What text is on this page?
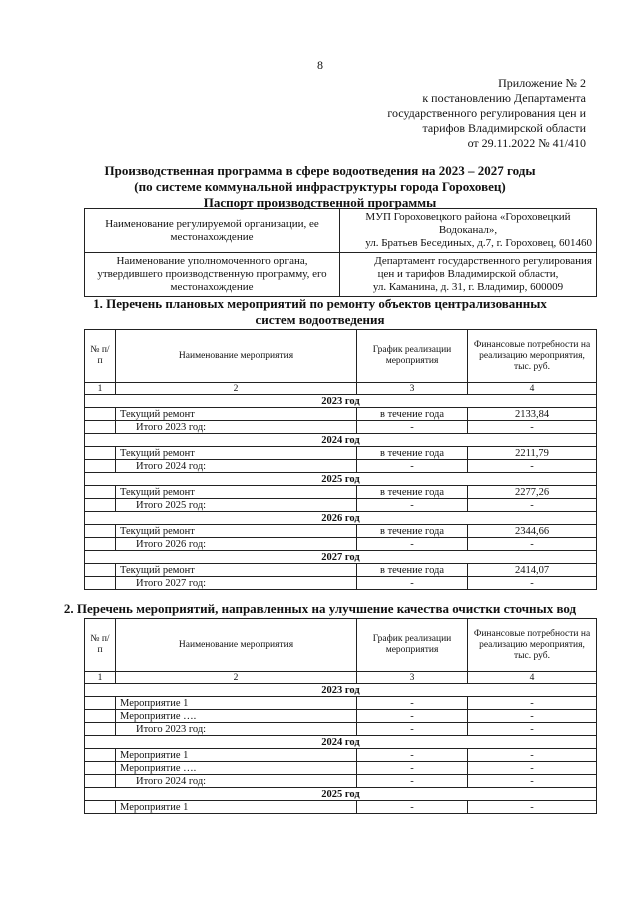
8
Приложение № 2
к постановлению Департамента
государственного регулирования цен и
тарифов Владимирской области
от 29.11.2022 № 41/410
Производственная программа в сфере водоотведения на 2023 – 2027 годы
(по системе коммунальной инфраструктуры города Гороховец)
Паспорт производственной программы
Наименование регулируемой организации, ее местонахождение	МУП Гороховецкого района «Гороховецкий
Водоканал»,
ул. Братьев Бесединых, д.7, г. Гороховец, 601460

Наименование уполномоченного органа, утвердившего производственную программу, его местонахождение	Департамент государственного регулирования
цен и тарифов Владимирской области,
ул. Каманина, д. 31, г. Владимир, 600009
1. Перечень плановых мероприятий по ремонту объектов централизованных
систем водоотведения
№ п/п	Наименование мероприятия	График реализации мероприятия	Финансовые потребности на реализацию мероприятия, тыс. руб.
1	2	3	4
2023 год			
	Текущий ремонт	в течение года	2133,84
	Итого 2023 год:	-	-
2024 год			
	Текущий ремонт	в течение года	2211,79
	Итого 2024 год:	-	-
2025 год			
	Текущий ремонт	в течение года	2277,26
	Итого 2025 год:	-	-
2026 год			
	Текущий ремонт	в течение года	2344,66
	Итого 2026 год:	-	-
2027 год			
	Текущий ремонт	в течение года	2414,07
	Итого 2027 год:	-	-
2. Перечень мероприятий, направленных на улучшение качества очистки сточных вод
№ п/п	Наименование мероприятия	График реализации мероприятия	Финансовые потребности на реализацию мероприятия, тыс. руб.
1	2	3	4
2023 год			
	Мероприятие 1	-	-
	Мероприятие ….	-	-
	Итого 2023 год:	-	-
2024 год			
	Мероприятие 1	-	-
	Мероприятие ….	-	-
	Итого 2024 год:	-	-
2025 год			
	Мероприятие 1	-	-
